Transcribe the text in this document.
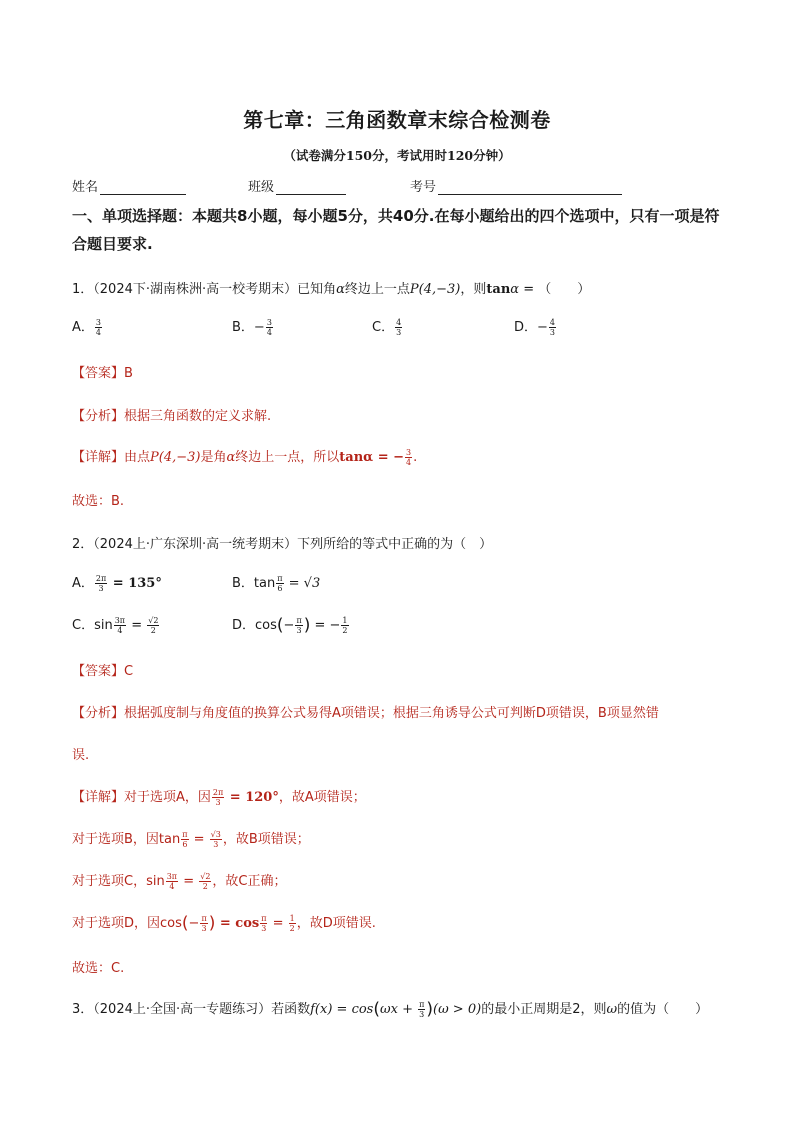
第七章：三角函数章末综合检测卷
（试卷满分150分，考试用时120分钟）
姓名	班级	考号
一、单项选择题：本题共8小题，每小题5分，共40分.在每小题给出的四个选项中，只有一项是符合题目要求.
1．（2024下·湖南株洲·高一校考期末）已知角α终边上一点P(4,−3)，则tanα = （　　）
A． $\frac{3}{4}$	B．− $\frac{3}{4}$	C． $\frac{4}{3}$	D．− $\frac{4}{3}$
【答案】B
【分析】根据三角函数的定义求解.
【详解】由点P(4,−3)是角α终边上一点，所以tanα = − $\frac{3}{4}$ .
故选：B.
2．（2024上·广东深圳·高一统考期末）下列所给的等式中正确的为（　）
A． $\frac{2\pi}{3} = 135^\circ$	B．$\tan \frac{\pi}{6} = √3$
C．$\sin \frac{3\pi}{4} = \frac{√2}{2}$	D．$\cos(- \frac{\pi}{3}$ ) = − $\frac{1}{2}$
【答案】C
【分析】根据弧度制与角度值的换算公式易得A项错误；根据三角诱导公式可判断D项错误，B项显然错
误.
【详解】对于选项A，因 $\frac{2\pi}{3} = 120^\circ$，故A项错误；
对于选项B，因$\tan \frac{\pi}{6} = \frac{√3}{3}$ ，故B项错误；
对于选项C，$\sin \frac{3\pi}{4} = \frac{√2}{2}$ ，故C正确；
对于选项D，因$\cos(- \frac{\pi}{3}$ ) = $\cos \frac{\pi}{3} = \frac{1}{2}$ ，故D项错误.
故选：C.
3．（2024上·全国·高一专题练习）若函数$f(x) = \cos(\omega x + \frac{\pi}{3} )(\omega > 0)$的最小正周期是2，则ω的值为（　　）
